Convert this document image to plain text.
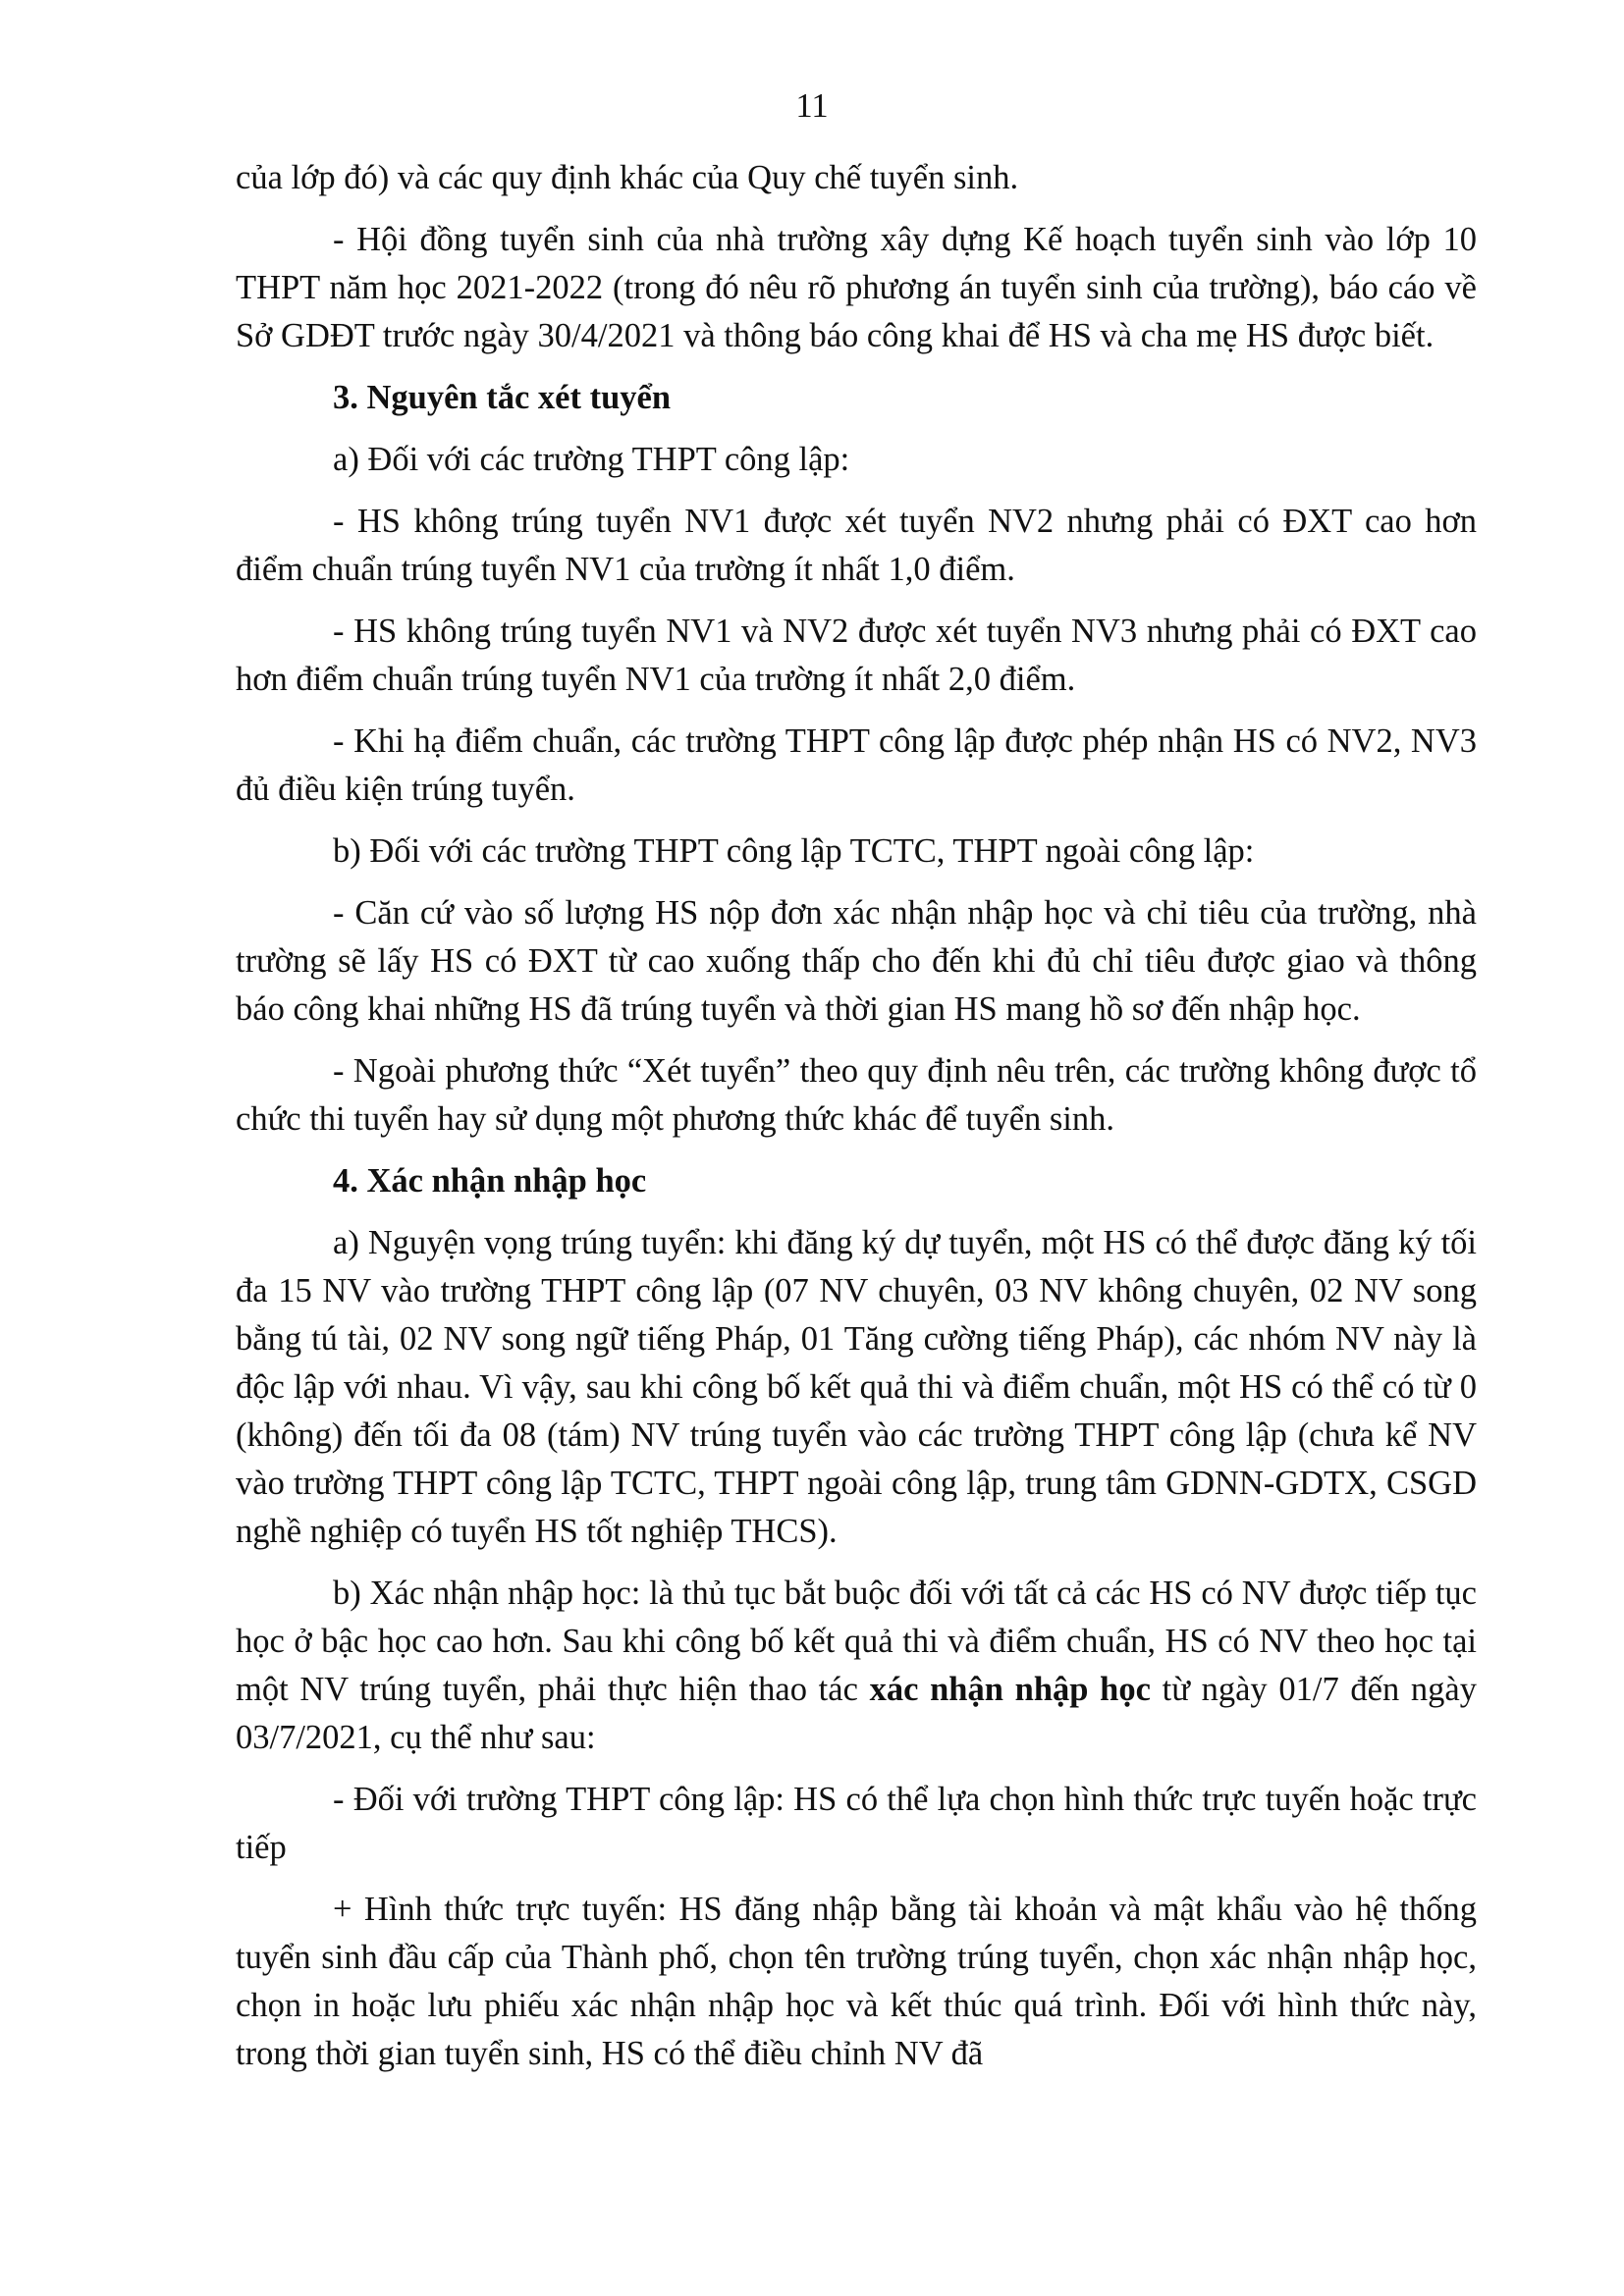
11

của lớp đó) và các quy định khác của Quy chế tuyển sinh.

- Hội đồng tuyển sinh của nhà trường xây dựng Kế hoạch tuyển sinh vào lớp 10 THPT năm học 2021-2022 (trong đó nêu rõ phương án tuyển sinh của trường), báo cáo về Sở GDĐT trước ngày 30/4/2021 và thông báo công khai để HS và cha mẹ HS được biết.

3. Nguyên tắc xét tuyển

a) Đối với các trường THPT công lập:

- HS không trúng tuyển NV1 được xét tuyển NV2 nhưng phải có ĐXT cao hơn điểm chuẩn trúng tuyển NV1 của trường ít nhất 1,0 điểm.

- HS không trúng tuyển NV1 và NV2 được xét tuyển NV3 nhưng phải có ĐXT cao hơn điểm chuẩn trúng tuyển NV1 của trường ít nhất 2,0 điểm.

- Khi hạ điểm chuẩn, các trường THPT công lập được phép nhận HS có NV2, NV3 đủ điều kiện trúng tuyển.

b) Đối với các trường THPT công lập TCTC, THPT ngoài công lập:

- Căn cứ vào số lượng HS nộp đơn xác nhận nhập học và chỉ tiêu của trường, nhà trường sẽ lấy HS có ĐXT từ cao xuống thấp cho đến khi đủ chỉ tiêu được giao và thông báo công khai những HS đã trúng tuyển và thời gian HS mang hồ sơ đến nhập học.

- Ngoài phương thức “Xét tuyển” theo quy định nêu trên, các trường không được tổ chức thi tuyển hay sử dụng một phương thức khác để tuyển sinh.

4. Xác nhận nhập học

a) Nguyện vọng trúng tuyển: khi đăng ký dự tuyển, một HS có thể được đăng ký tối đa 15 NV vào trường THPT công lập (07 NV chuyên, 03 NV không chuyên, 02 NV song bằng tú tài, 02 NV song ngữ tiếng Pháp, 01 Tăng cường tiếng Pháp), các nhóm NV này là độc lập với nhau. Vì vậy, sau khi công bố kết quả thi và điểm chuẩn, một HS có thể có từ 0 (không) đến tối đa 08 (tám) NV trúng tuyển vào các trường THPT công lập (chưa kể NV vào trường THPT công lập TCTC, THPT ngoài công lập, trung tâm GDNN-GDTX, CSGD nghề nghiệp có tuyển HS tốt nghiệp THCS).

b) Xác nhận nhập học: là thủ tục bắt buộc đối với tất cả các HS có NV được tiếp tục học ở bậc học cao hơn. Sau khi công bố kết quả thi và điểm chuẩn, HS có NV theo học tại một NV trúng tuyển, phải thực hiện thao tác xác nhận nhập học từ ngày 01/7 đến ngày 03/7/2021, cụ thể như sau:

- Đối với trường THPT công lập: HS có thể lựa chọn hình thức trực tuyến hoặc trực tiếp

+ Hình thức trực tuyến: HS đăng nhập bằng tài khoản và mật khẩu vào hệ thống tuyển sinh đầu cấp của Thành phố, chọn tên trường trúng tuyển, chọn xác nhận nhập học, chọn in hoặc lưu phiếu xác nhận nhập học và kết thúc quá trình. Đối với hình thức này, trong thời gian tuyển sinh, HS có thể điều chỉnh NV đã
